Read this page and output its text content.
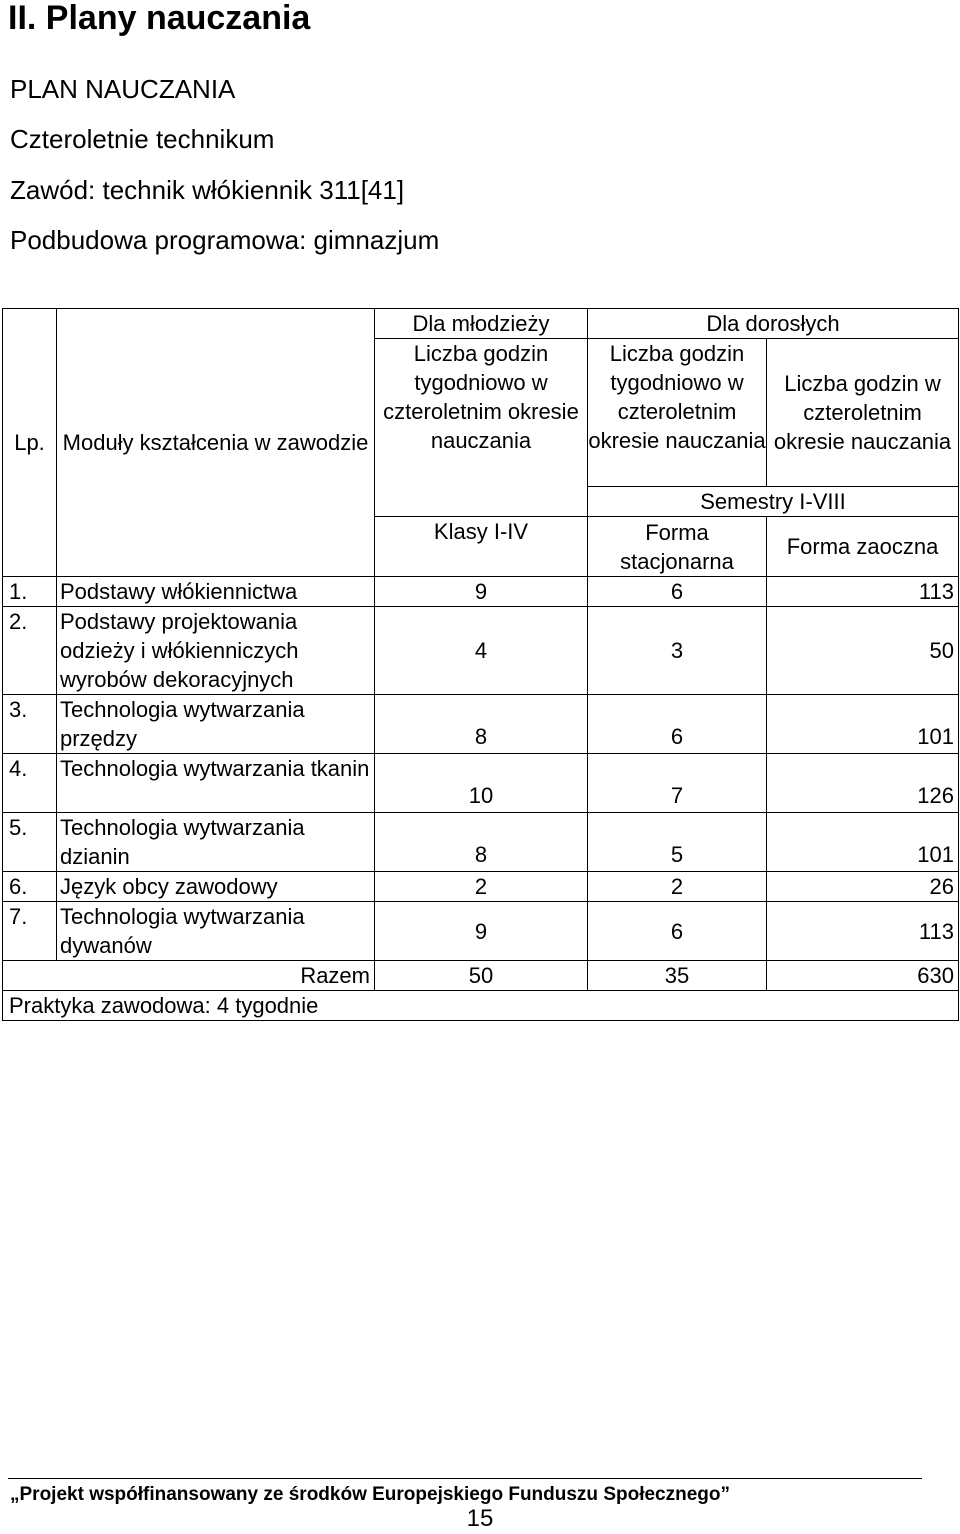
II. Plany nauczania
PLAN NAUCZANIA
Czteroletnie technikum
Zawód: technik włókiennik 311[41]
Podbudowa programowa: gimnazjum
Lp.	Moduły kształcenia w zawodzie	Dla młodzieży	Dla dorosłych	
		Liczba godzin tygodniowo w czteroletnim okresie nauczania	Liczba godzin tygodniowo w czteroletnim okresie nauczania	Liczba godzin w czteroletnim okresie nauczania
			Semestry I-VIII	
		Klasy I-IV	Forma stacjonarna	Forma zaoczna
1.	Podstawy włókiennictwa	9	6	113
2.	Podstawy projektowania odzieży i włókienniczych wyrobów dekoracyjnych	4	3	50
3.	Technologia wytwarzania przędzy	8	6	101
4.	Technologia wytwarzania tkanin	10	7	126
5.	Technologia wytwarzania dzianin	8	5	101
6.	Język obcy zawodowy	2	2	26
7.	Technologia wytwarzania dywanów	9	6	113
Razem		50	35	630
Praktyka zawodowa: 4 tygodnie				
„Projekt współfinansowany ze środków Europejskiego Funduszu Społecznego”
15
